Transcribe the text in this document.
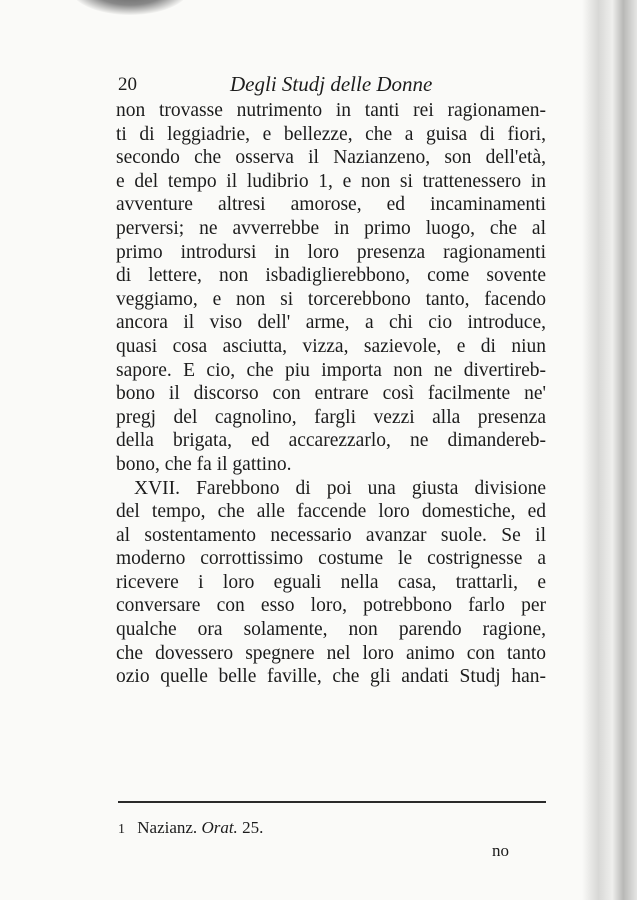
20	Degli Studj delle Donne
non trovasse nutrimento in tanti rei ragionamen-
ti di leggiadrie, e bellezze, che a guisa di fiori,
secondo che osserva il Nazianzeno, son dell'età,
e del tempo il ludibrio 1, e non si trattenessero in
avventure altresi amorose, ed incaminamenti
perversi; ne avverrebbe in primo luogo, che al
primo introdursi in loro presenza ragionamenti
di lettere, non isbadiglierebbono, come sovente
veggiamo, e non si torcerebbono tanto, facendo
ancora il viso dell' arme, a chi cio introduce,
quasi cosa asciutta, vizza, sazievole, e di niun
sapore. E cio, che piu importa non ne divertireb-
bono il discorso con entrare così facilmente ne'
pregj del cagnolino, fargli vezzi alla presenza
della brigata, ed accarezzarlo, ne dimandereb-
bono, che fa il gattino.
XVII. Farebbono di poi una giusta divisione
del tempo, che alle faccende loro domestiche, ed
al sostentamento necessario avanzar suole. Se il
moderno corrottissimo costume le costrignesse a
ricevere i loro eguali nella casa, trattarli, e
conversare con esso loro, potrebbono farlo per
qualche ora solamente, non parendo ragione,
che dovessero spegnere nel loro animo con tanto
ozio quelle belle faville, che gli andati Studj han-
1 Nazianz. Orat. 25.
no
